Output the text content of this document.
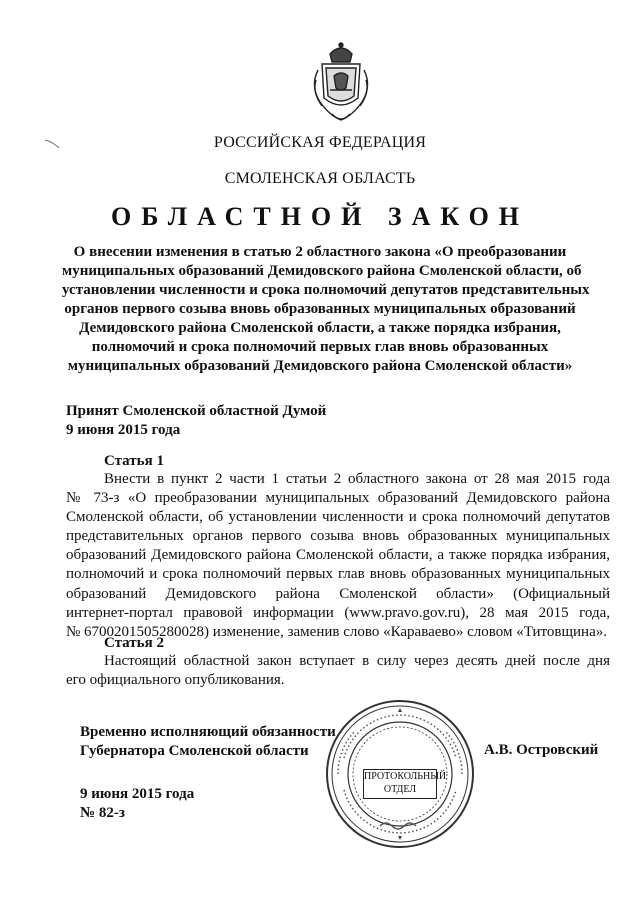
РОССИЙСКАЯ ФЕДЕРАЦИЯ
СМОЛЕНСКАЯ ОБЛАСТЬ
ОБЛАСТНОЙ ЗАКОН
О внесении изменения в статью 2 областного закона «О преобразовании
муниципальных образований Демидовского района Смоленской области, об
установлении численности и срока полномочий депутатов представительных
органов первого созыва вновь образованных муниципальных образований
Демидовского района Смоленской области, а также порядка избрания,
полномочий и срока полномочий первых глав вновь образованных
муниципальных образований Демидовского района Смоленской области»
Принят Смоленской областной Думой
9 июня 2015 года
Статья 1
Внести в пункт 2 части 1 статьи 2 областного закона от 28 мая 2015 года
№ 73-з «О преобразовании муниципальных образований Демидовского района
Смоленской области, об установлении численности и срока полномочий депутатов
представительных органов первого созыва вновь образованных муниципальных
образований Демидовского района Смоленской области, а также порядка избрания,
полномочий и срока полномочий первых глав вновь образованных муниципальных
образований Демидовского района Смоленской области» (Официальный
интернет-портал правовой информации (www.pravo.gov.ru), 28 мая 2015 года,
№ 6700201505280028) изменение, заменив слово «Караваево» словом «Титовщина».
Статья 2
Настоящий областной закон вступает в силу через десять дней после дня
его официального опубликования.
Временно исполняющий обязанности
Губернатора Смоленской области	А.В. Островский
9 июня 2015 года
№ 82-з
ПРОТОКОЛЬНЫЙ
ОТДЕЛ
